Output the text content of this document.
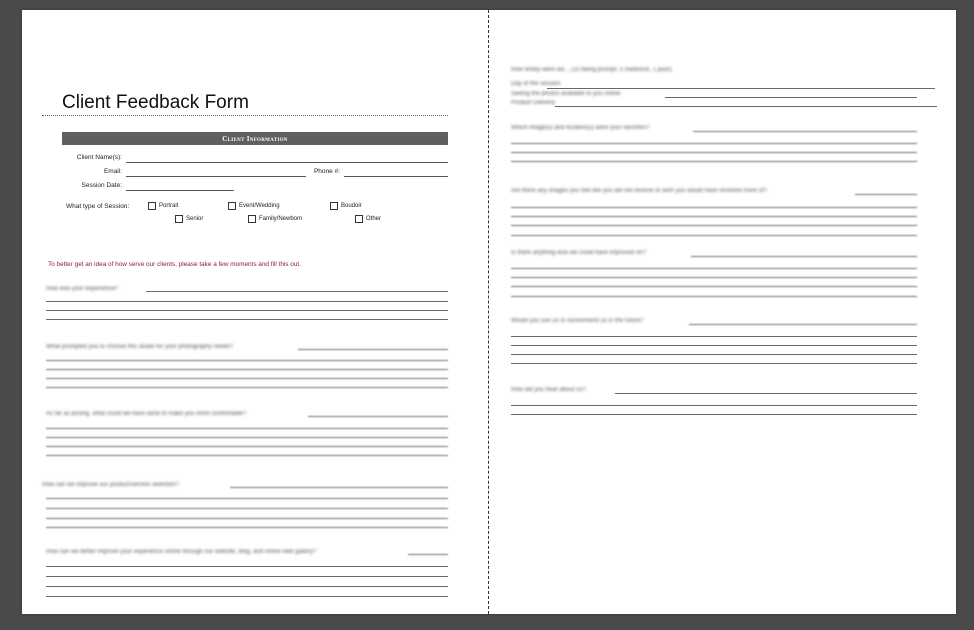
Client Feedback Form
Client Information
Client Name(s):
Email:	Phone #:
Session Date:
What type of Session:	Portrait	Event/Wedding	Boudoir
Senior	Family/Newborn	Other
To better get an idea of how serve our clients, please take a few moments and fill this out.
How was your experience?
What prompted you to choose this studio for your photography needs?
As far as posing, what could we have done to make you more comfortable?
How can we improve our product/service selection?
How can we better improve your experience online through our website, blog, and online web gallery?
How timely were we... (10 being prompt, 5 mediocre, 1 poor)
Day of the session
Seeing the photos available to you online
Product Delivery
Which image(s) and location(s) were your favorites?
Are there any images you feel like you did not receive or wish you would have received more of?
Is there anything else we could have improved on?
Would you use us or recommend us in the future?
How did you hear about us?
